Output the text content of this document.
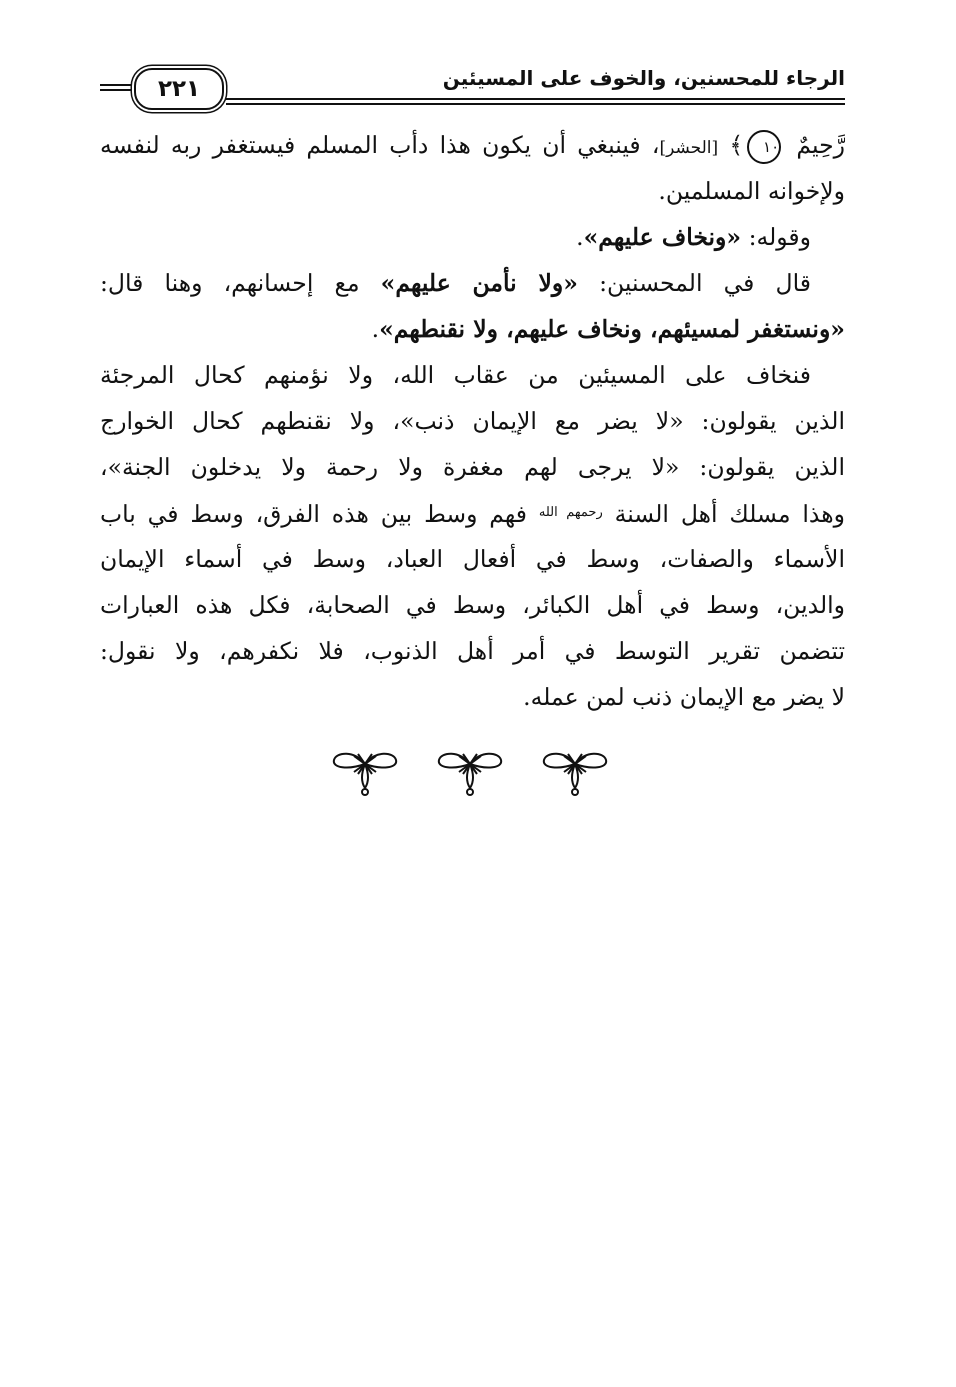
٢٢١	الرجاء للمحسنين، والخوف على المسيئين
رَّحِيمٌ ١٠﴾ [الحشر]، فينبغي أن يكون هذا دأب المسلم فيستغفر ربه لنفسه
ولإخوانه المسلمين.
وقوله: «ونخاف عليهم».
قال في المحسنين: «ولا نأمن عليهم» مع إحسانهم، وهنا قال:
«ونستغفر لمسيئهم، ونخاف عليهم، ولا نقنطهم».
فنخاف على المسيئين من عقاب الله، ولا نؤمنهم كحال المرجئة
الذين يقولون: «لا يضر مع الإيمان ذنب»، ولا نقنطهم كحال الخوارج
الذين يقولون: «لا يرجى لهم مغفرة ولا رحمة ولا يدخلون الجنة»،
وهذا مسلك أهل السنة $^{رحمهم الله}$ فهم وسط بين هذه الفرق، وسط في باب
الأسماء والصفات، وسط في أفعال العباد، وسط في أسماء الإيمان
والدين، وسط في أهل الكبائر، وسط في الصحابة، فكل هذه العبارات
تتضمن تقرير التوسط في أمر أهل الذنوب، فلا نكفرهم، ولا نقول:
لا يضر مع الإيمان ذنب لمن عمله.
